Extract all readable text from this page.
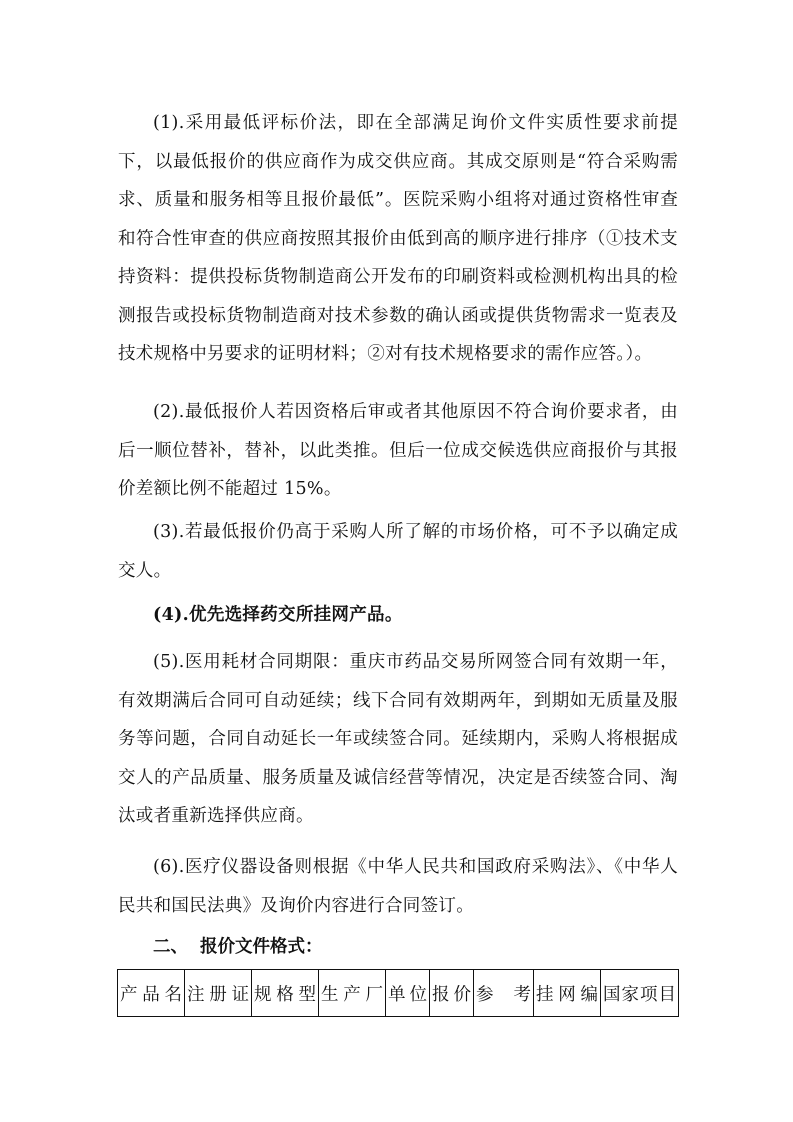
(1).采用最低评标价法，即在全部满足询价文件实质性要求前提下，以最低报价的供应商作为成交供应商。其成交原则是“符合采购需求、质量和服务相等且报价最低”。医院采购小组将对通过资格性审查和符合性审查的供应商按照其报价由低到高的顺序进行排序（①技术支持资料：提供投标货物制造商公开发布的印刷资料或检测机构出具的检测报告或投标货物制造商对技术参数的确认函或提供货物需求一览表及技术规格中另要求的证明材料；②对有技术规格要求的需作应答。）。

(2).最低报价人若因资格后审或者其他原因不符合询价要求者，由后一顺位替补，替补，以此类推。但后一位成交候选供应商报价与其报价差额比例不能超过 15%。

(3).若最低报价仍高于采购人所了解的市场价格，可不予以确定成交人。

(4).优先选择药交所挂网产品。

(5).医用耗材合同期限：重庆市药品交易所网签合同有效期一年，有效期满后合同可自动延续；线下合同有效期两年，到期如无质量及服务等问题，合同自动延长一年或续签合同。延续期内，采购人将根据成交人的产品质量、服务质量及诚信经营等情况，决定是否续签合同、淘汰或者重新选择供应商。

(6).医疗仪器设备则根据《中华人民共和国政府采购法》、《中华人民共和国民法典》及询价内容进行合同签订。

二、 报价文件格式：

产品名	注册证	规格型	生产厂	单位	报价	参　考	挂网编	国家项目
